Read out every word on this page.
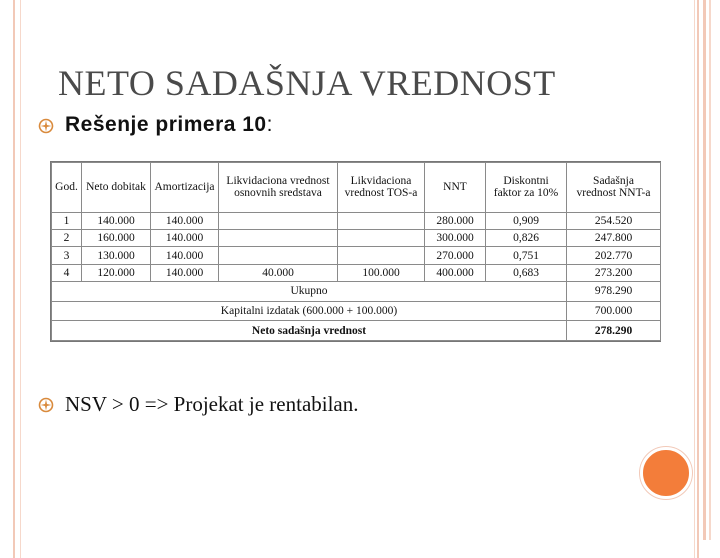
NETO SADAŠNJA VREDNOST
Rešenje primera 10:
God.	Neto dobitak	Amortizacija	Likvidaciona vrednost
osnovnih sredstava	Likvidaciona
vrednost TOS-a	NNT	Diskontni
faktor za 10%	Sadašnja
vrednost NNT-a
1	140.000	140.000			280.000	0,909	254.520
2	160.000	140.000			300.000	0,826	247.800
3	130.000	140.000			270.000	0,751	202.770
4	120.000	140.000	40.000	100.000	400.000	0,683	273.200
Ukupno							978.290
Kapitalni izdatak (600.000 + 100.000)							700.000
Neto sadašnja vrednost							278.290
NSV > 0 => Projekat je rentabilan.
